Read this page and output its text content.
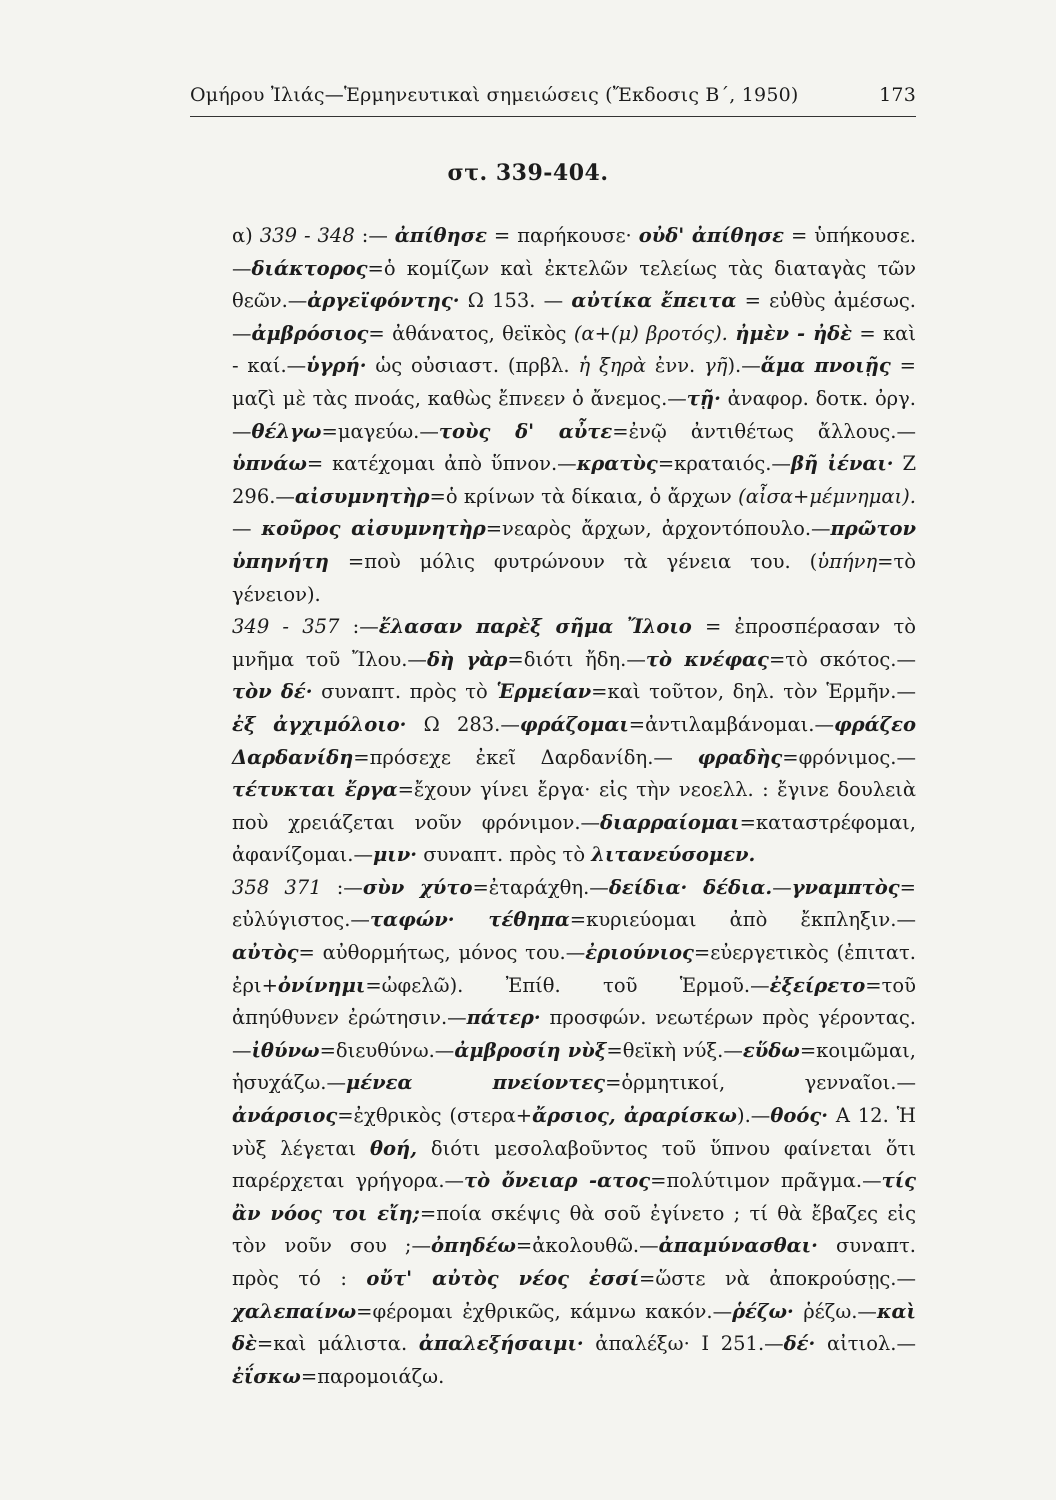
Ομήρου Ἰλιάς—Ἑρμηνευτικαὶ σημειώσεις (Ἔκδοσις Β΄, 1950)	173
στ. 339-404.

α) 339 - 348 :— ἀπίθησε = παρήκουσε· οὐδ' ἀπίθησε = ὑπήκουσε.—διάκτορος=ὁ κομίζων καὶ ἐκτελῶν τελείως τὰς διαταγὰς τῶν θεῶν.—ἀργεϊφόντης· Ω 153. — αὐτίκα ἔπειτα = εὐθὺς ἀμέσως.—ἀμβρόσιος= ἀθάνατος, θεϊκὸς (α+(μ) βροτός). ἠμὲν - ἠδὲ = καὶ - καί.—ὑγρή· ὡς οὐσιαστ. (πρβλ. ἡ ξηρὰ ἐνν. γῆ).—ἅμα πνοιῇς = μαζὶ μὲ τὰς πνοάς, καθὼς ἔπνεεν ὁ ἄνεμος.—τῇ· ἀναφορ. δοτκ. ὀργ.—θέλγω=μαγεύω.—τοὺς δ' αὖτε=ἐνῷ ἀντιθέτως ἄλλους.—ὑπνάω= κατέχομαι ἀπὸ ὕπνον.—κρατὺς=κραταιός.—βῆ ἰέναι· Ζ 296.—αἰσυμνητὴρ=ὁ κρίνων τὰ δίκαια, ὁ ἄρχων (αἶσα+μέμνημαι). — κοῦρος αἰσυμνητὴρ=νεαρὸς ἄρχων, ἀρχοντόπουλο.—πρῶτον ὑπηνήτη =ποὺ μόλις φυτρώνουν τὰ γένεια του. (ὑπήνη=τὸ γένειον).

349 - 357 :—ἔλασαν παρὲξ σῆμα Ἴλοιο = ἐπροσπέρασαν τὸ μνῆμα τοῦ Ἴλου.—δὴ γὰρ=διότι ἤδη.—τὸ κνέφας=τὸ σκότος.—τὸν δέ· συναπτ. πρὸς τὸ Ἑρμείαν=καὶ τοῦτον, δηλ. τὸν Ἑρμῆν.—ἐξ ἀγχιμόλοιο· Ω 283.—φράζομαι=ἀντιλαμβάνομαι.—φράζεο Δαρδανίδη=πρόσεχε ἐκεῖ Δαρδανίδη.— φραδὴς=φρόνιμος.—τέτυκται ἔργα=ἔχουν γίνει ἔργα· εἰς τὴν νεοελλ. : ἔγινε δουλειὰ ποὺ χρειάζεται νοῦν φρόνιμον.—διαρραίομαι=καταστρέφομαι, ἀφανίζομαι.—μιν· συναπτ. πρὸς τὸ λιτανεύσομεν.

358 371 :—σὺν χύτο=ἐταράχθη.—δείδια· δέδια.—γναμπτὸς= εὐλύγιστος.—ταφών· τέθηπα=κυριεύομαι ἀπὸ ἔκπληξιν.—αὐτὸς= αὐθορμήτως, μόνος του.—ἐριούνιος=εὐεργετικὸς (ἐπιτατ. ἐρι+ὀνίνημι=ὠφελῶ). Ἐπίθ. τοῦ Ἑρμοῦ.—ἐξείρετο=τοῦ ἀπηύθυνεν ἐρώτησιν.—πάτερ· προσφών. νεωτέρων πρὸς γέροντας.—ἰθύνω=διευθύνω.—ἀμβροσίη νὺξ=θεϊκὴ νύξ.—εὕδω=κοιμῶμαι, ἡσυχάζω.—μένεα πνείοντες=ὁρμητικοί, γενναῖοι.— ἀνάρσιος=ἐχθρικὸς (στερα+ἄρσιος, ἀραρίσκω).—θοός· Α 12. Ἡ νὺξ λέγεται θοή, διότι μεσολαβοῦντος τοῦ ὕπνου φαίνεται ὅτι παρέρχεται γρήγορα.—τὸ ὄνειαρ -ατος=πολύτιμον πρᾶγμα.—τίς ἂν νόος τοι εἴη;=ποία σκέψις θὰ σοῦ ἐγίνετο ; τί θὰ ἔβαζες εἰς τὸν νοῦν σου ;—ὀπηδέω=ἀκολουθῶ.—ἀπαμύνασθαι· συναπτ. πρὸς τό : οὔτ' αὐτὸς νέος ἐσσί=ὥστε νὰ ἀποκρούσῃς.—χαλεπαίνω=φέρομαι ἐχθρικῶς, κάμνω κακόν.—ῥέζω· ῥέζω.—καὶ δὲ=καὶ μάλιστα. ἀπαλεξήσαιμι· ἀπαλέξω· Ι 251.—δέ· αἰτιολ.—ἐΐσκω=παρομοιάζω.
